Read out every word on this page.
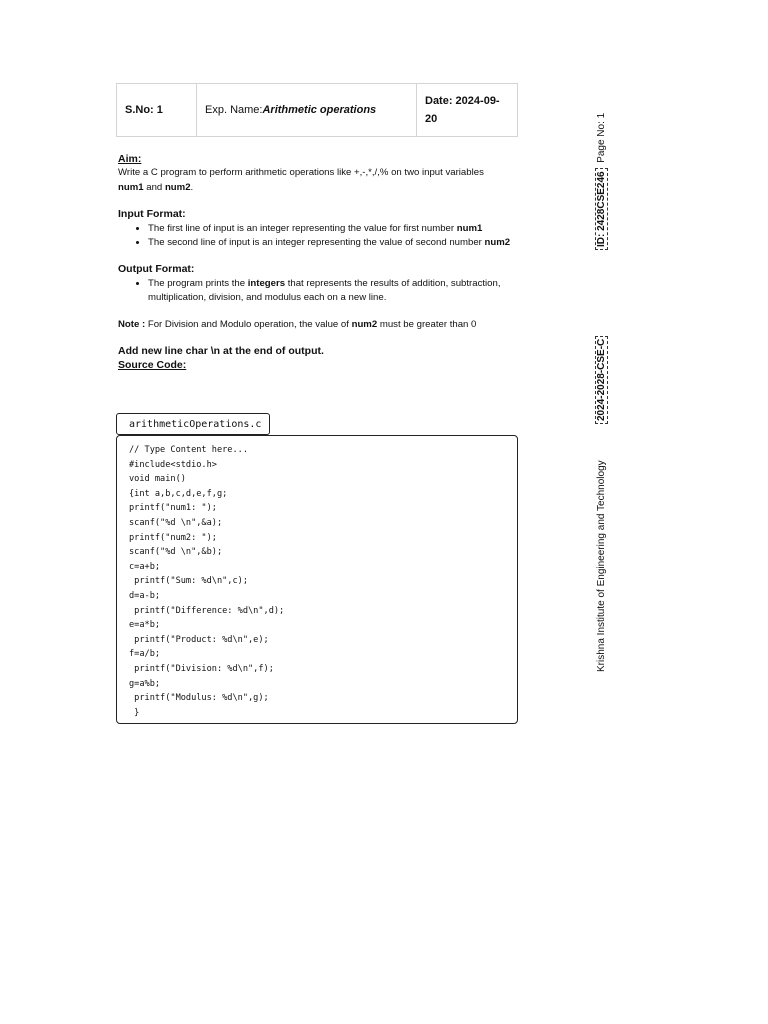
S.No: 1	Exp. Name: Arithmetic operations
Date: 2024-09-
20
Aim:

Write a C program to perform arithmetic operations like +,-,*,/,% on two input variables
num1 and num2.

Input Format:
• The first line of input is an integer representing the value for first number num1
• The second line of input is an integer representing the value of second number num2
Output Format:
• The program prints the integers that represents the results of addition, subtraction, multiplication, division, and modulus each on a new line.

Note : For Division and Modulo operation, the value of num2 must be greater than 0

Add new line char \n at the end of output.
Source Code:
arithmeticOperations.c
// Type Content here...
#include<stdio.h>
void main()
{int a,b,c,d,e,f,g;
printf("num1: ");
scanf("%d \n",&a);
printf("num2: ");
scanf("%d \n",&b);
c=a+b;
printf("Sum: %d\n",c);
d=a-b;
printf("Difference: %d\n",d);
e=a*b;
printf("Product: %d\n",e);
f=a/b;
printf("Division: %d\n",f);
g=a%b;
printf("Modulus: %d\n",g);
}
ID: 2428CSE246  Page No: 1
2024-2028-CSE-C
Krishna Institute of Engineering and Technology
